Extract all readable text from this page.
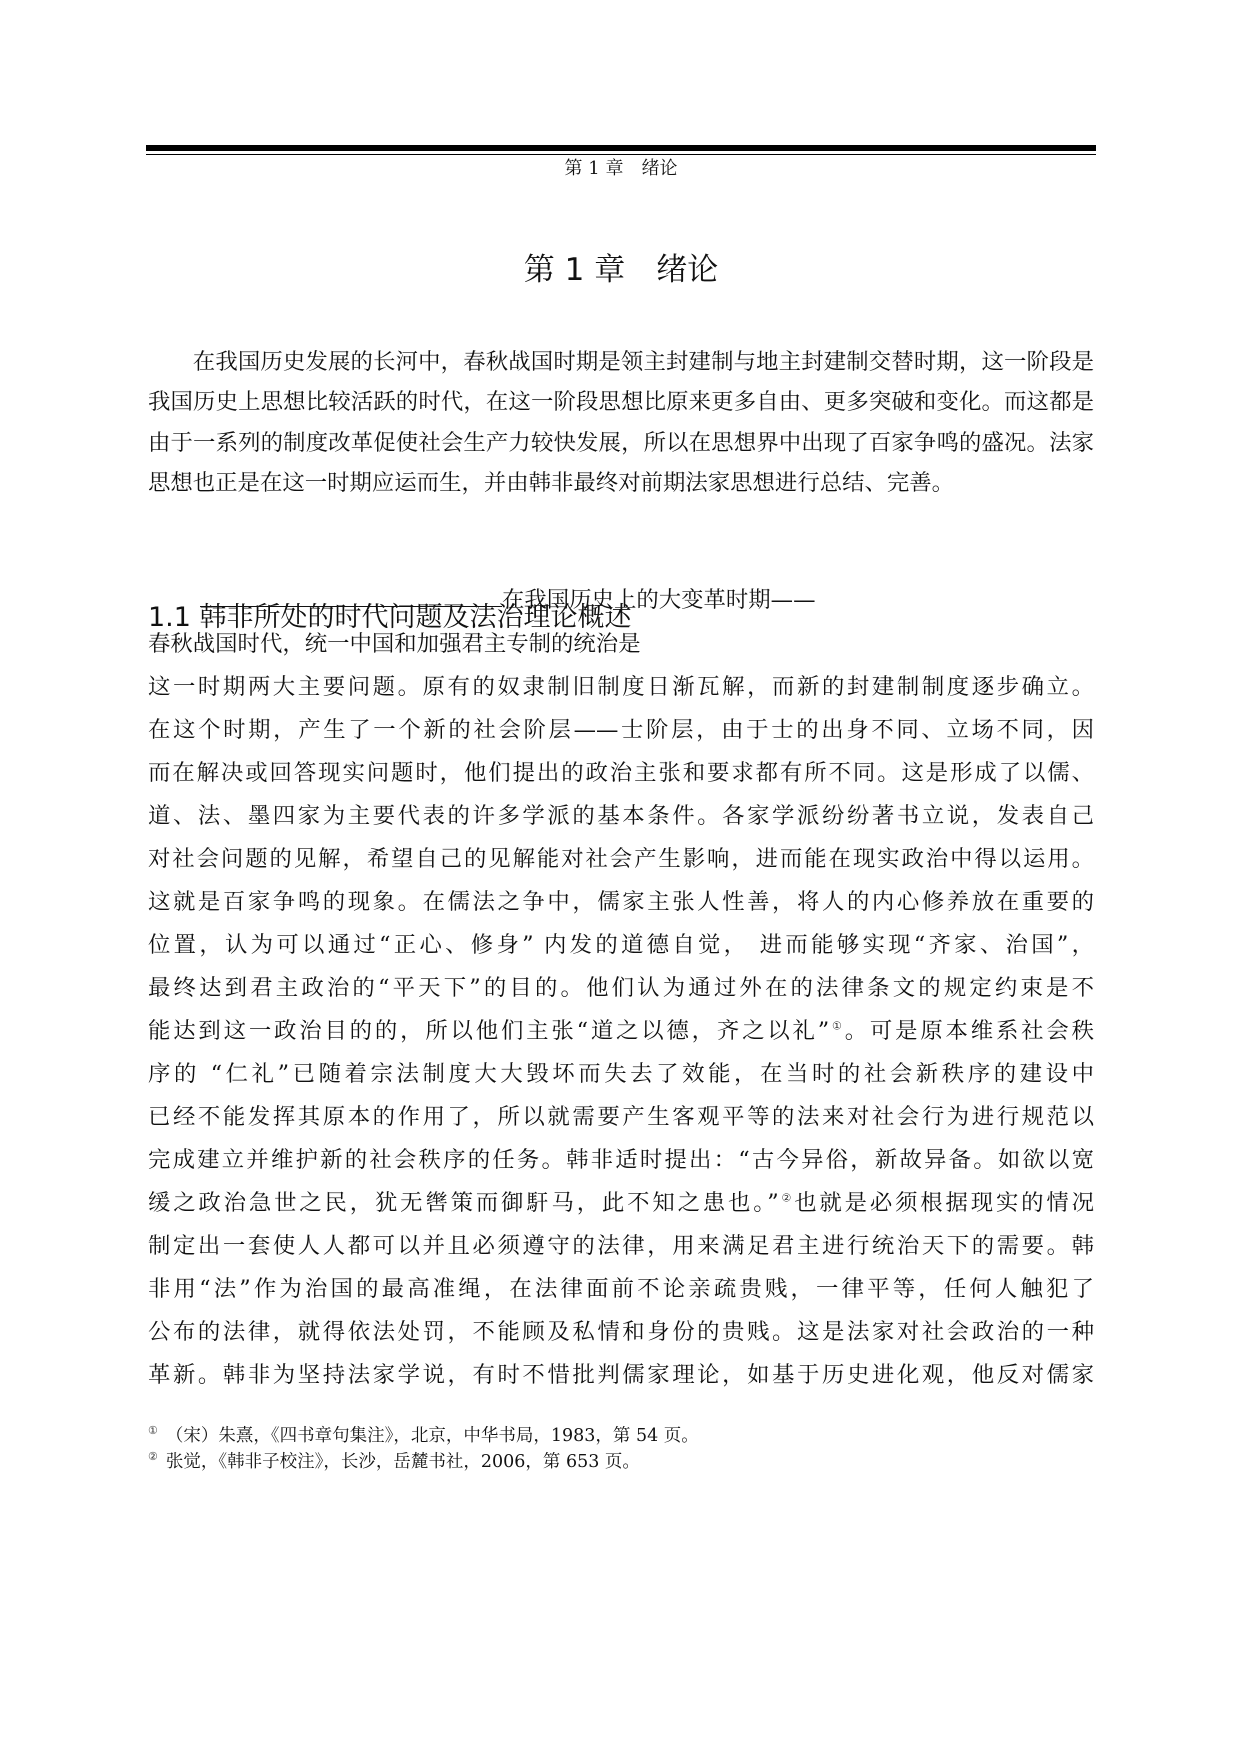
第 1 章　绪论
第 1 章　绪论

在我国历史发展的长河中，春秋战国时期是领主封建制与地主封建制交替时期，这一阶段是我国历史上思想比较活跃的时代，在这一阶段思想比原来更多自由、更多突破和变化。而这都是由于一系列的制度改革促使社会生产力较快发展，所以在思想界中出现了百家争鸣的盛况。法家思想也正是在这一时期应运而生，并由韩非最终对前期法家思想进行总结、完善。

1.1 韩非所处的时代问题及法治理论概述
在我国历史上的大变革时期——
春秋战国时代，统一中国和加强君主专制的统治是
这一时期两大主要问题。原有的奴隶制旧制度日渐瓦解，而新的封建制制度逐步确立。
在这个时期，产生了一个新的社会阶层——士阶层，由于士的出身不同、立场不同，因
而在解决或回答现实问题时，他们提出的政治主张和要求都有所不同。这是形成了以儒、
道、法、墨四家为主要代表的许多学派的基本条件。各家学派纷纷著书立说，发表自己
对社会问题的见解，希望自己的见解能对社会产生影响，进而能在现实政治中得以运用。
这就是百家争鸣的现象。在儒法之争中，儒家主张人性善，将人的内心修养放在重要的
位置，认为可以通过“正心、修身” 内发的道德自觉， 进而能够实现“齐家、治国”，
最终达到君主政治的“平天下”的目的。他们认为通过外在的法律条文的规定约束是不
能达到这一政治目的的，所以他们主张“道之以德，齐之以礼”①。可是原本维系社会秩
序的 “仁礼”已随着宗法制度大大毁坏而失去了效能，在当时的社会新秩序的建设中
已经不能发挥其原本的作用了，所以就需要产生客观平等的法来对社会行为进行规范以
完成建立并维护新的社会秩序的任务。韩非适时提出：“古今异俗，新故异备。如欲以宽
缓之政治急世之民，犹无辔策而御馯马，此不知之患也。”②也就是必须根据现实的情况
制定出一套使人人都可以并且必须遵守的法律，用来满足君主进行统治天下的需要。韩
非用“法”作为治国的最高准绳，在法律面前不论亲疏贵贱，一律平等，任何人触犯了
公布的法律，就得依法处罚，不能顾及私情和身份的贵贱。这是法家对社会政治的一种
革新。韩非为坚持法家学说，有时不惜批判儒家理论，如基于历史进化观，他反对儒家
① （宋）朱熹，《四书章句集注》，北京，中华书局，1983，第 54 页。
② 张觉，《韩非子校注》，长沙，岳麓书社，2006，第 653 页。
